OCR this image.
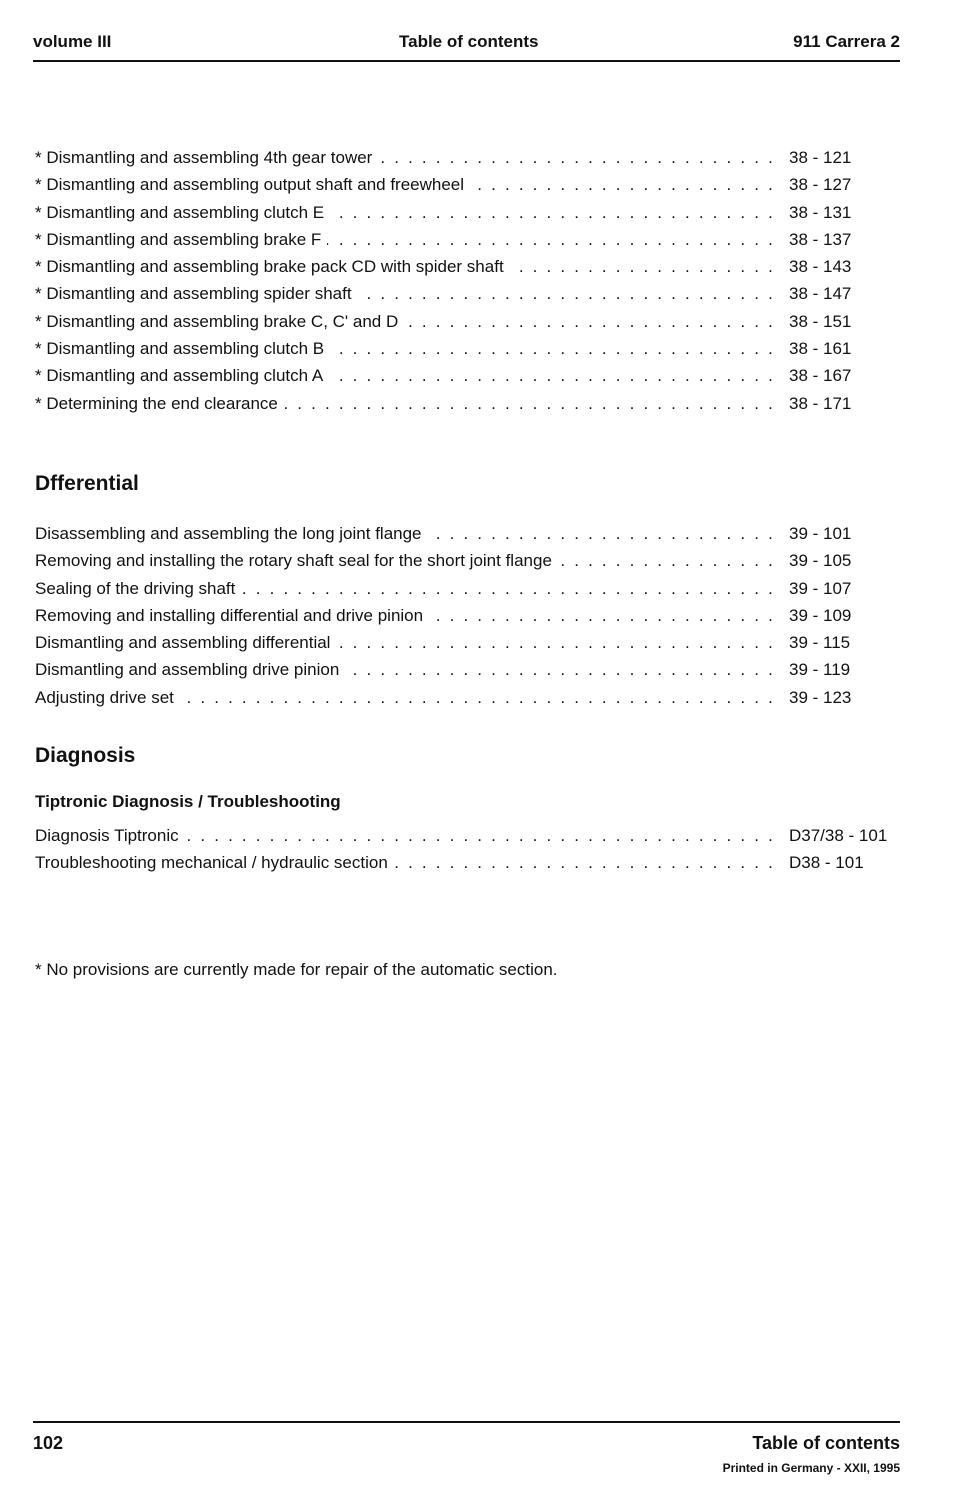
volume III	Table of contents	911 Carrera 2
* Dismantling and assembling 4th gear tower . . .	38 - 121
* Dismantling and assembling output shaft and freewheel . . .	38 - 127
* Dismantling and assembling clutch E . . .	38 - 131
* Dismantling and assembling brake F . . .	38 - 137
* Dismantling and assembling brake pack CD with spider shaft . . .	38 - 143
* Dismantling and assembling spider shaft . . .	38 - 147
* Dismantling and assembling brake C, C' and D . . .	38 - 151
* Dismantling and assembling clutch B . . .	38 - 161
* Dismantling and assembling clutch A . . .	38 - 167
* Determining the end clearance . . .	38 - 171
Dfferential
Disassembling and assembling the long joint flange . . .	39 - 101
Removing and installing the rotary shaft seal for the short joint flange . . .	39 - 105
Sealing of the driving shaft . . .	39 - 107
Removing and installing differential and drive pinion . . .	39 - 109
Dismantling and assembling differential . . .	39 - 115
Dismantling and assembling drive pinion . . .	39 - 119
Adjusting drive set . . .	39 - 123
Diagnosis
Tiptronic Diagnosis / Troubleshooting
Diagnosis Tiptronic . . .	D37/38 - 101
Troubleshooting mechanical / hydraulic section . . .	D38 - 101
* No provisions are currently made for repair of the automatic section.
102	Table of contents
Printed in Germany - XXII, 1995
